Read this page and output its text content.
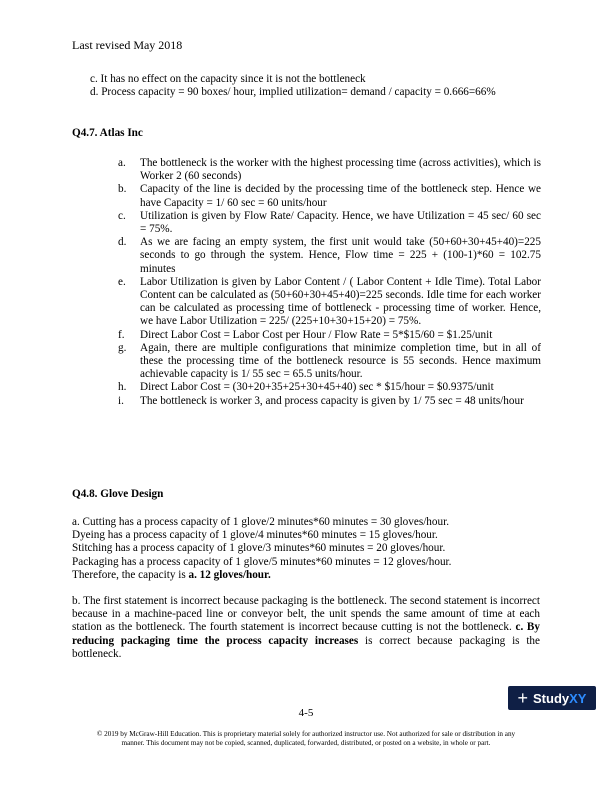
Last revised May 2018
c. It has no effect on the capacity since it is not the bottleneck
d. Process capacity = 90 boxes/ hour, implied utilization= demand / capacity = 0.666=66%
Q4.7. Atlas Inc
a.	The bottleneck is the worker with the highest processing time (across activities), which is Worker 2 (60 seconds)
b.	Capacity of the line is decided by the processing time of the bottleneck step. Hence we have Capacity = 1/ 60 sec = 60 units/hour
c.	Utilization is given by Flow Rate/ Capacity. Hence, we have Utilization = 45 sec/ 60 sec = 75%.
d.	As we are facing an empty system, the first unit would take (50+60+30+45+40)=225 seconds to go through the system. Hence, Flow time = 225 + (100-1)*60 = 102.75 minutes
e.	Labor Utilization is given by Labor Content / ( Labor Content + Idle Time). Total Labor Content can be calculated as (50+60+30+45+40)=225 seconds. Idle time for each worker can be calculated as processing time of bottleneck - processing time of worker. Hence, we have Labor Utilization = 225/ (225+10+30+15+20) = 75%.
f.	Direct Labor Cost = Labor Cost per Hour / Flow Rate = 5*$15/60 = $1.25/unit
g.	Again, there are multiple configurations that minimize completion time, but in all of these the processing time of the bottleneck resource is 55 seconds. Hence maximum achievable capacity is 1/ 55 sec = 65.5 units/hour.
h.	Direct Labor Cost = (30+20+35+25+30+45+40) sec * $15/hour = $0.9375/unit
i.	The bottleneck is worker 3, and process capacity is given by 1/ 75 sec = 48 units/hour
Q4.8. Glove Design
a. Cutting has a process capacity of 1 glove/2 minutes*60 minutes = 30 gloves/hour.
Dyeing has a process capacity of 1 glove/4 minutes*60 minutes = 15 gloves/hour.
Stitching has a process capacity of 1 glove/3 minutes*60 minutes = 20 gloves/hour.
Packaging has a process capacity of 1 glove/5 minutes*60 minutes = 12 gloves/hour.
Therefore, the capacity is a. 12 gloves/hour.
b. The first statement is incorrect because packaging is the bottleneck. The second statement is incorrect because in a machine-paced line or conveyor belt, the unit spends the same amount of time at each station as the bottleneck. The fourth statement is incorrect because cutting is not the bottleneck. c. By reducing packaging time the process capacity increases is correct because packaging is the bottleneck.
+ Study XY
4-5
© 2019 by McGraw-Hill Education. This is proprietary material solely for authorized instructor use. Not authorized for sale or distribution in any manner. This document may not be copied, scanned, duplicated, forwarded, distributed, or posted on a website, in whole or part.
